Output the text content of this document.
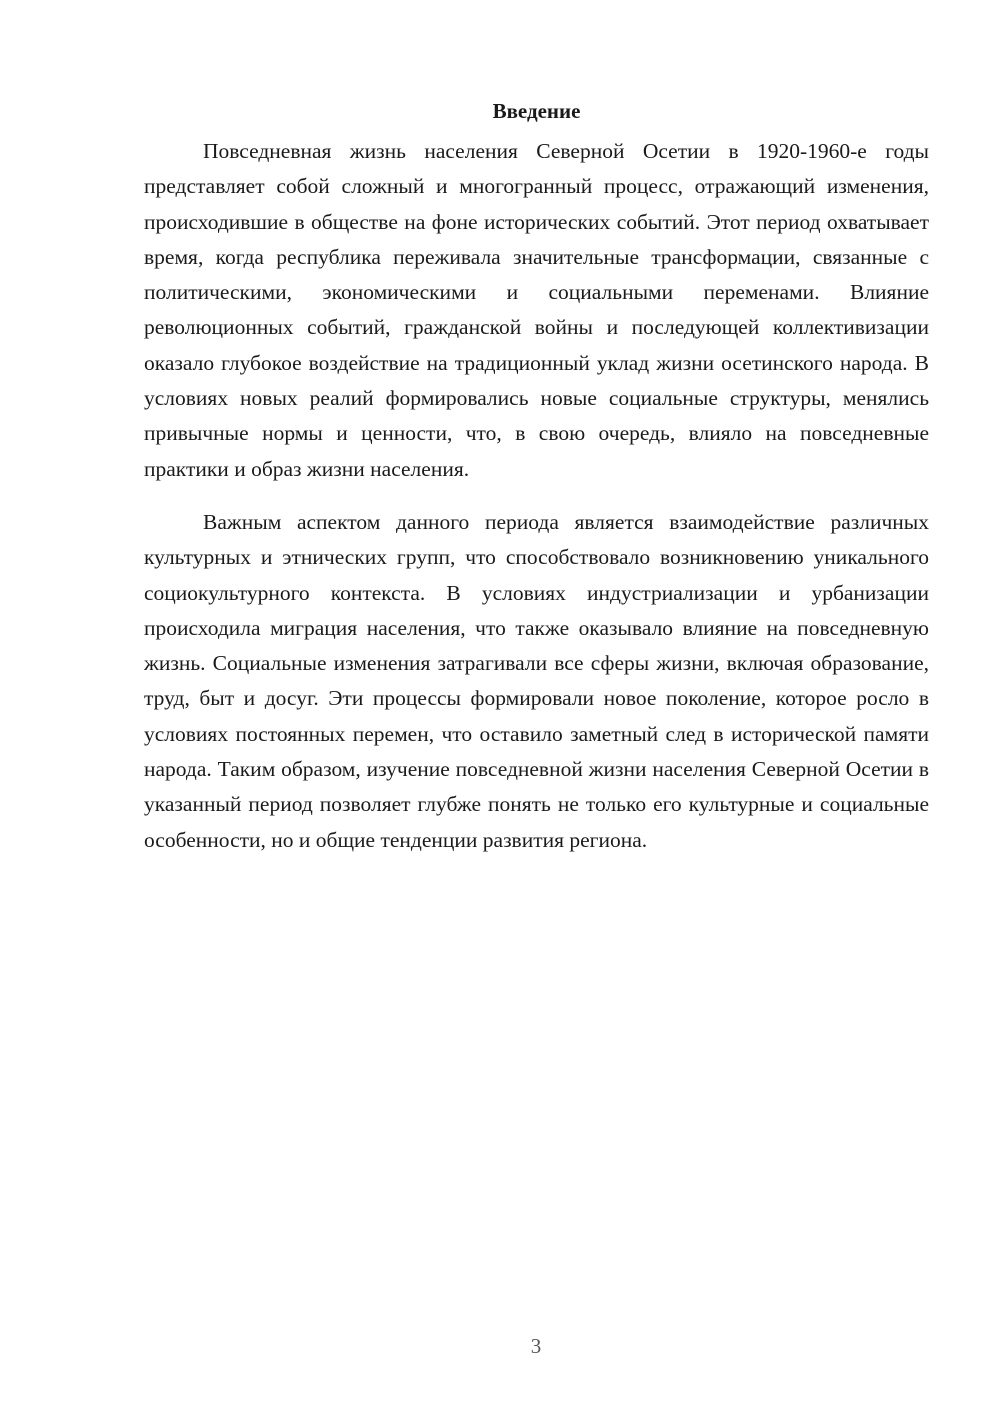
Введение

Повседневная жизнь населения Северной Осетии в 1920-1960-е годы представляет собой сложный и многогранный процесс, отражающий изменения, происходившие в обществе на фоне исторических событий. Этот период охватывает время, когда республика переживала значительные трансформации, связанные с политическими, экономическими и социальными переменами. Влияние революционных событий, гражданской войны и последующей коллективизации оказало глубокое воздействие на традиционный уклад жизни осетинского народа. В условиях новых реалий формировались новые социальные структуры, менялись привычные нормы и ценности, что, в свою очередь, влияло на повседневные практики и образ жизни населения.

Важным аспектом данного периода является взаимодействие различных культурных и этнических групп, что способствовало возникновению уникального социокультурного контекста. В условиях индустриализации и урбанизации происходила миграция населения, что также оказывало влияние на повседневную жизнь. Социальные изменения затрагивали все сферы жизни, включая образование, труд, быт и досуг. Эти процессы формировали новое поколение, которое росло в условиях постоянных перемен, что оставило заметный след в исторической памяти народа. Таким образом, изучение повседневной жизни населения Северной Осетии в указанный период позволяет глубже понять не только его культурные и социальные особенности, но и общие тенденции развития региона.

3
